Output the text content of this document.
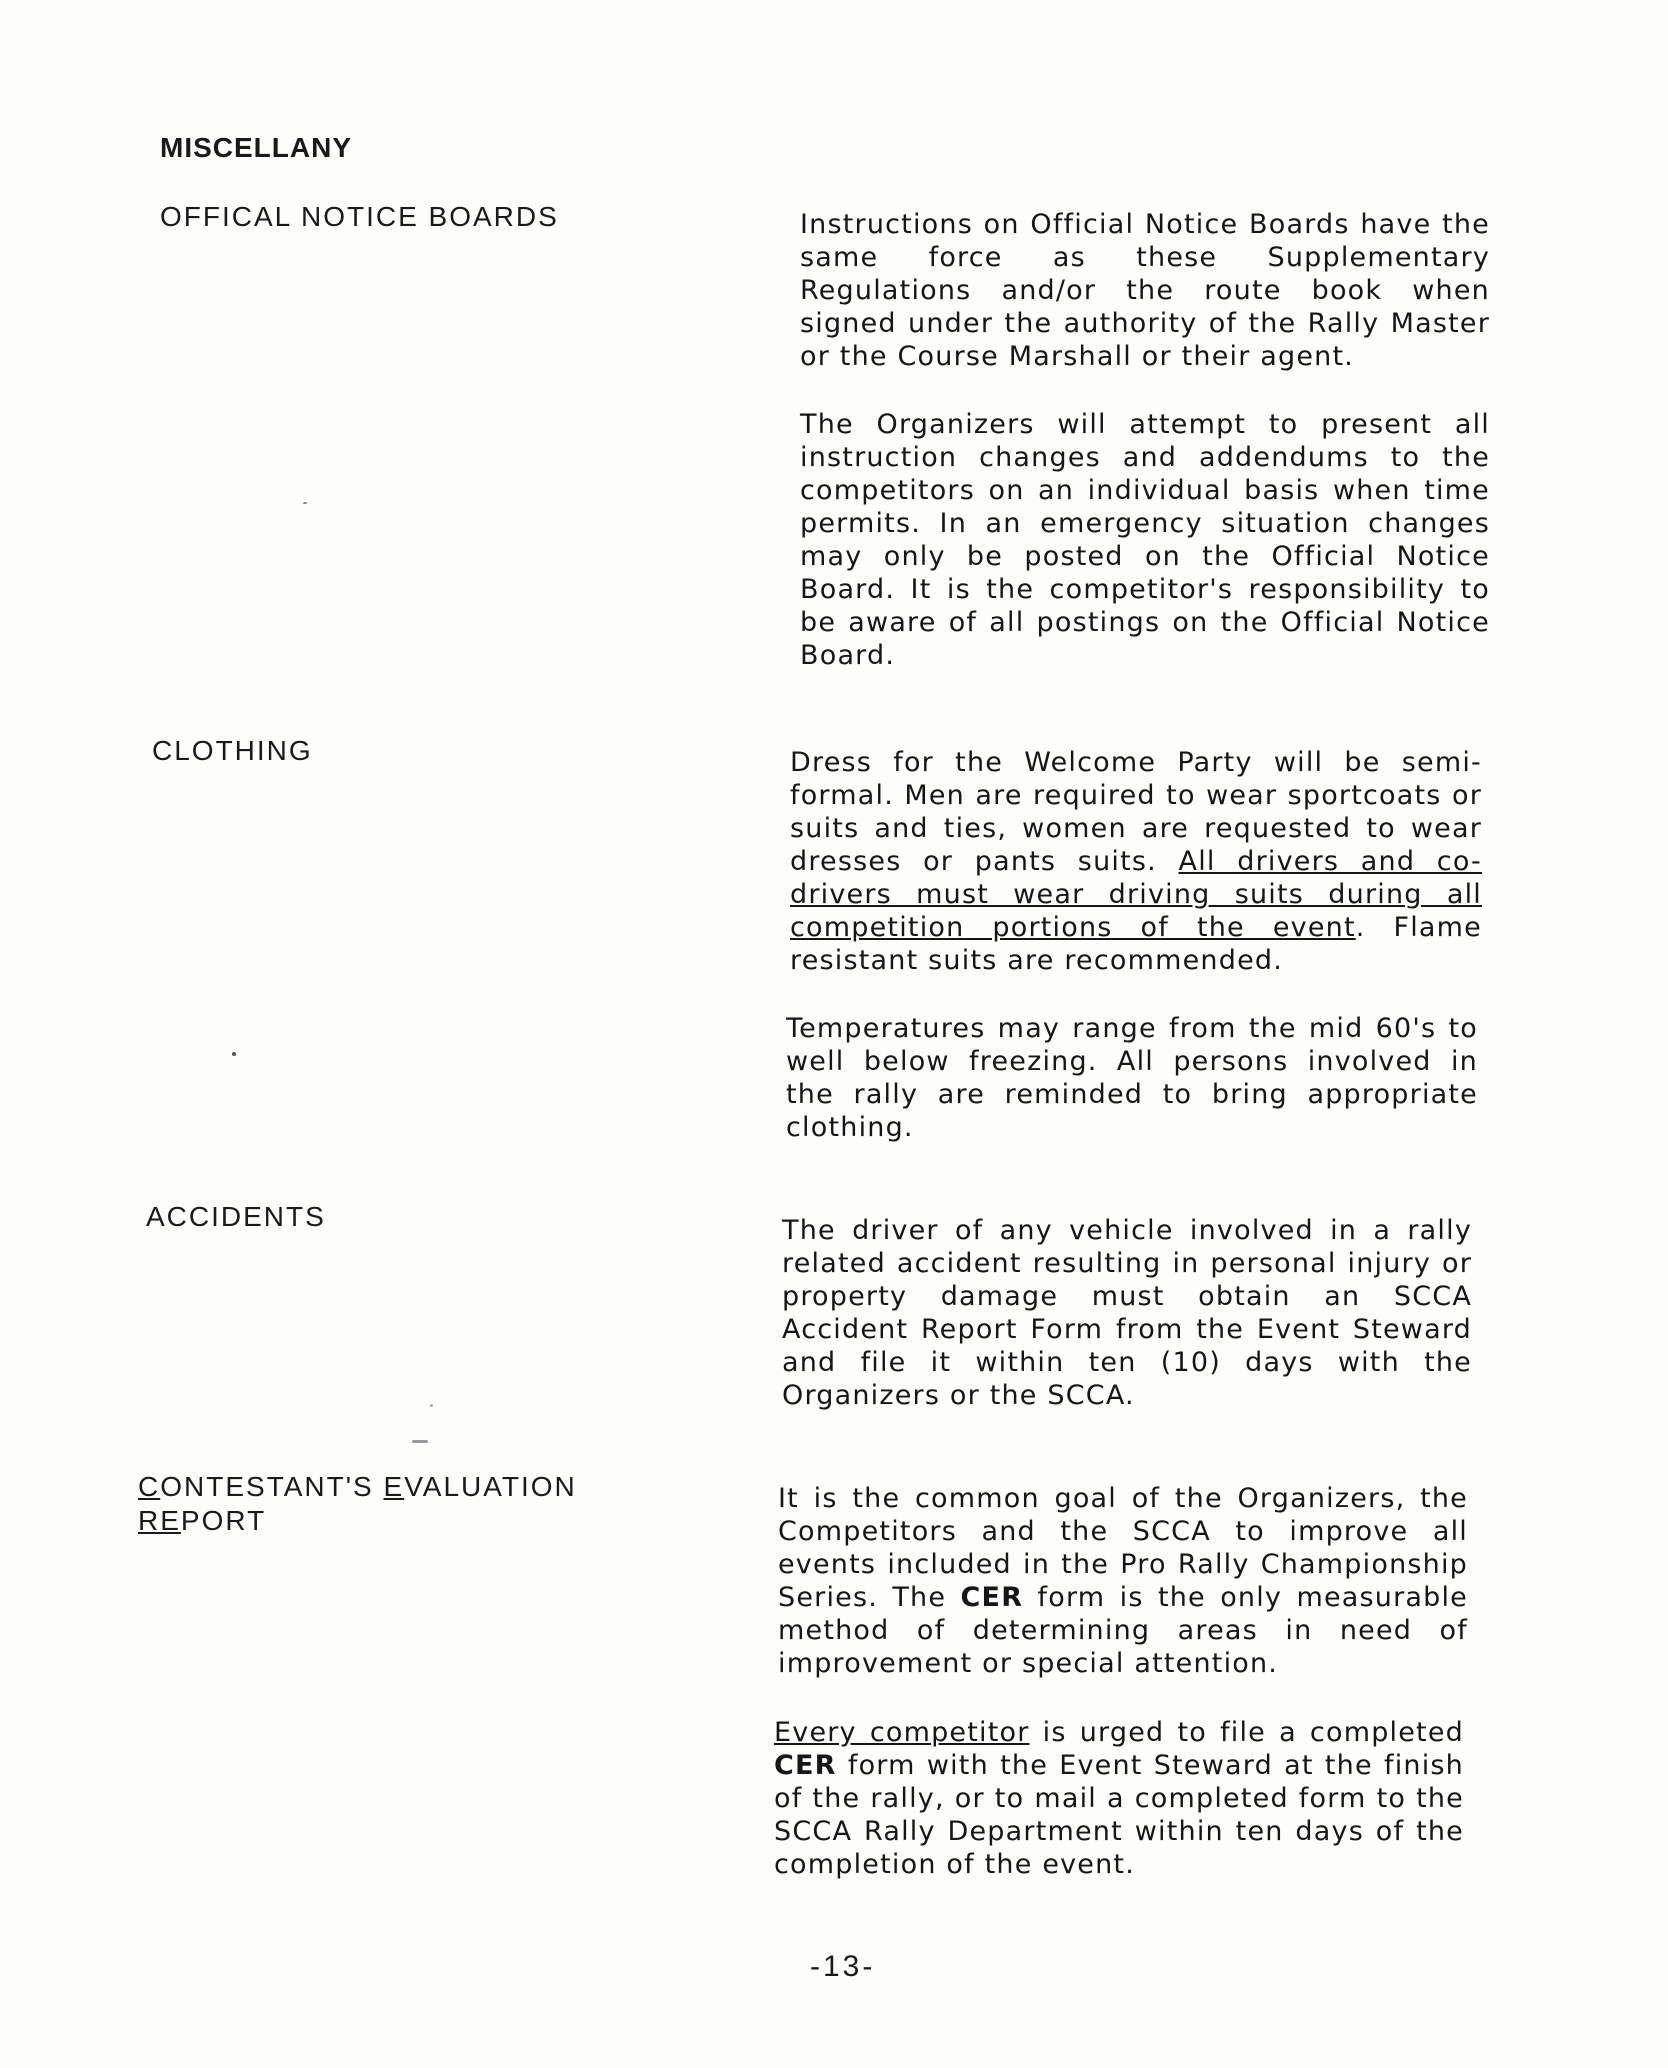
MISCELLANY
OFFICAL NOTICE BOARDS	Instructions on Official Notice Boards have the same force as these Supplementary Regulations and/or the route book when signed under the authority of the Rally Master or the Course Marshall or their agent.
The Organizers will attempt to present all instruction changes and addendums to the competitors on an individual basis when time permits. In an emergency situation changes may only be posted on the Official Notice Board. It is the competitor's responsibility to be aware of all postings on the Official Notice Board.
CLOTHING	Dress for the Welcome Party will be semi-formal. Men are required to wear sportcoats or suits and ties, women are requested to wear dresses or pants suits. All drivers and co-drivers must wear driving suits during all competition portions of the event. Flame resistant suits are recommended.
Temperatures may range from the mid 60's to well below freezing. All persons involved in the rally are reminded to bring appropriate clothing.
ACCIDENTS	The driver of any vehicle involved in a rally related accident resulting in personal injury or property damage must obtain an SCCA Accident Report Form from the Event Steward and file it within ten (10) days with the Organizers or the SCCA.
CONTESTANT'S EVALUATION
REPORT
It is the common goal of the Organizers, the Competitors and the SCCA to improve all events included in the Pro Rally Championship Series. The CER form is the only measurable method of determining areas in need of improvement or special attention.
Every competitor is urged to file a completed CER form with the Event Steward at the finish of the rally, or to mail a completed form to the SCCA Rally Department within ten days of the completion of the event.
-13-
